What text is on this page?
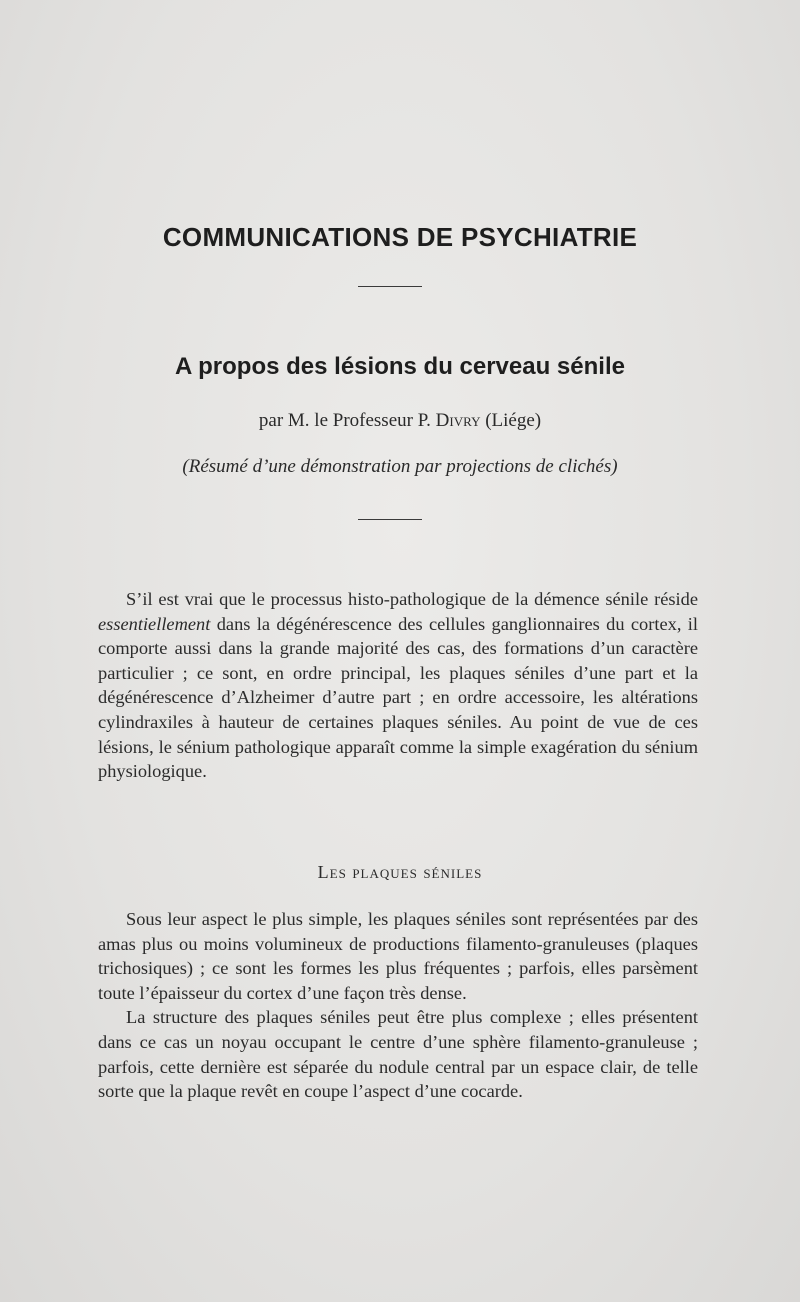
COMMUNICATIONS DE PSYCHIATRIE
A propos des lésions du cerveau sénile
par M. le Professeur P. Divry (Liége)
(Résumé d’une démonstration par projections de clichés)

S’il est vrai que le processus histo-pathologique de la démence sénile réside essentiellement dans la dégénérescence des cellules ganglionnaires du cortex, il comporte aussi dans la grande majorité des cas, des formations d’un caractère particulier ; ce sont, en ordre principal, les plaques séniles d’une part et la dégénérescence d’Alzheimer d’autre part ; en ordre accessoire, les altérations cylindraxiles à hauteur de certaines plaques séniles. Au point de vue de ces lésions, le sénium pathologique apparaît comme la simple exagération du sénium physiologique.

Les plaques séniles

Sous leur aspect le plus simple, les plaques séniles sont représentées par des amas plus ou moins volumineux de productions filamento-granuleuses (plaques trichosiques) ; ce sont les formes les plus fréquentes ; parfois, elles parsèment toute l’épaisseur du cortex d’une façon très dense.

La structure des plaques séniles peut être plus complexe ; elles présentent dans ce cas un noyau occupant le centre d’une sphère filamento-granuleuse ; parfois, cette dernière est séparée du nodule central par un espace clair, de telle sorte que la plaque revêt en coupe l’aspect d’une cocarde.
